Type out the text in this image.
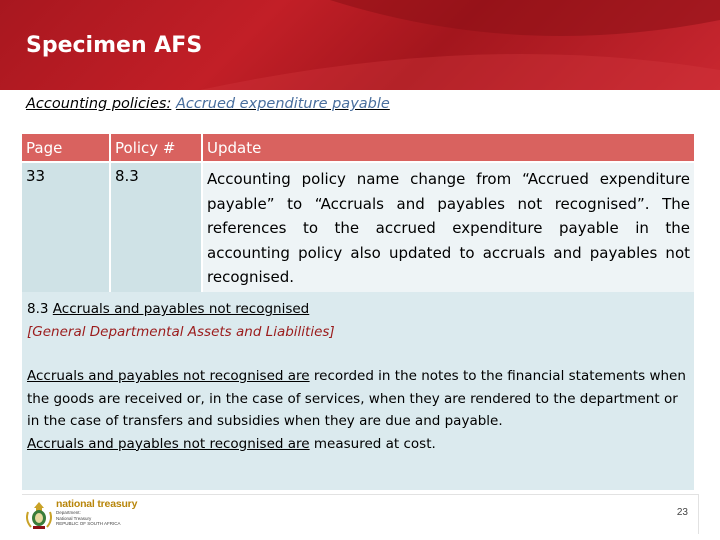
Specimen AFS
Accounting policies: Accrued expenditure payable
Page	Policy #	Update
33	8.3	Accounting policy name change from “Accrued expenditure payable” to “Accruals and payables not recognised”. The references to the accrued expenditure payable in the accounting policy also updated to accruals and payables not recognised.
8.3 Accruals and payables not recognised
[General Departmental Assets and Liabilities]
Accruals and payables not recognised are recorded in the notes to the financial statements when the goods are received or, in the case of services, when they are rendered to the department or in the case of transfers and subsidies when they are due and payable.
Accruals and payables not recognised are measured at cost.
national treasury
Department:
National Treasury
REPUBLIC OF SOUTH AFRICA
23
